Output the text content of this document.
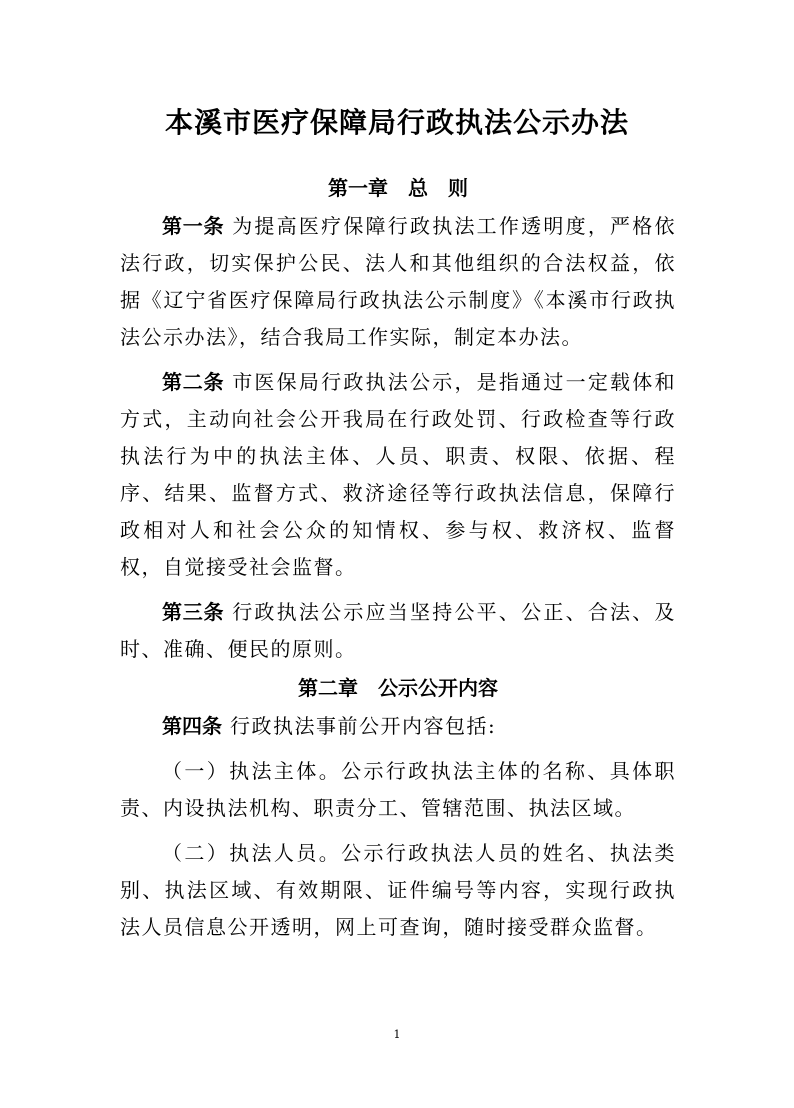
本溪市医疗保障局行政执法公示办法
第一章　总　则

第一条 为提高医疗保障行政执法工作透明度，严格依法行政，切实保护公民、法人和其他组织的合法权益，依据《辽宁省医疗保障局行政执法公示制度》《本溪市行政执法公示办法》，结合我局工作实际，制定本办法。

第二条 市医保局行政执法公示，是指通过一定载体和方式，主动向社会公开我局在行政处罚、行政检查等行政执法行为中的执法主体、人员、职责、权限、依据、程序、结果、监督方式、救济途径等行政执法信息，保障行政相对人和社会公众的知情权、参与权、救济权、监督权，自觉接受社会监督。

第三条 行政执法公示应当坚持公平、公正、合法、及时、准确、便民的原则。

第二章　公示公开内容

第四条 行政执法事前公开内容包括:

（一）执法主体。公示行政执法主体的名称、具体职责、内设执法机构、职责分工、管辖范围、执法区域。

（二）执法人员。公示行政执法人员的姓名、执法类别、执法区域、有效期限、证件编号等内容，实现行政执法人员信息公开透明，网上可查询，随时接受群众监督。

1
